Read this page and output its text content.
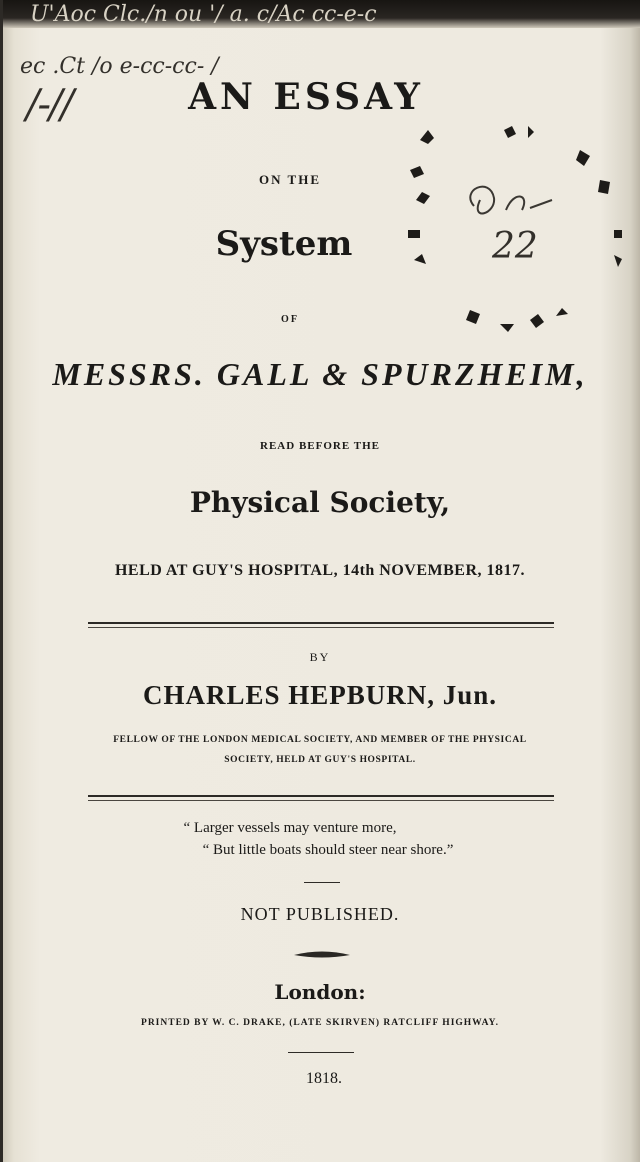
U'Aoc Clc./n ou '/ a. c/Ac cc-e-c
ec .Ct /o e-cc-cc- /
/-//
22
AN ESSAY
ON THE
System
OF
MESSRS. GALL & SPURZHEIM,
READ BEFORE THE
Physical Society,
HELD AT GUY'S HOSPITAL, 14th NOVEMBER, 1817.
BY
CHARLES HEPBURN, Jun.
FELLOW OF THE LONDON MEDICAL SOCIETY, AND MEMBER OF THE PHYSICAL
SOCIETY, HELD AT GUY'S HOSPITAL.
“ Larger vessels may venture more,
“ But little boats should steer near shore.”
NOT PUBLISHED.
London:
PRINTED BY W. C. DRAKE, (LATE SKIRVEN) RATCLIFF HIGHWAY.
1818.
